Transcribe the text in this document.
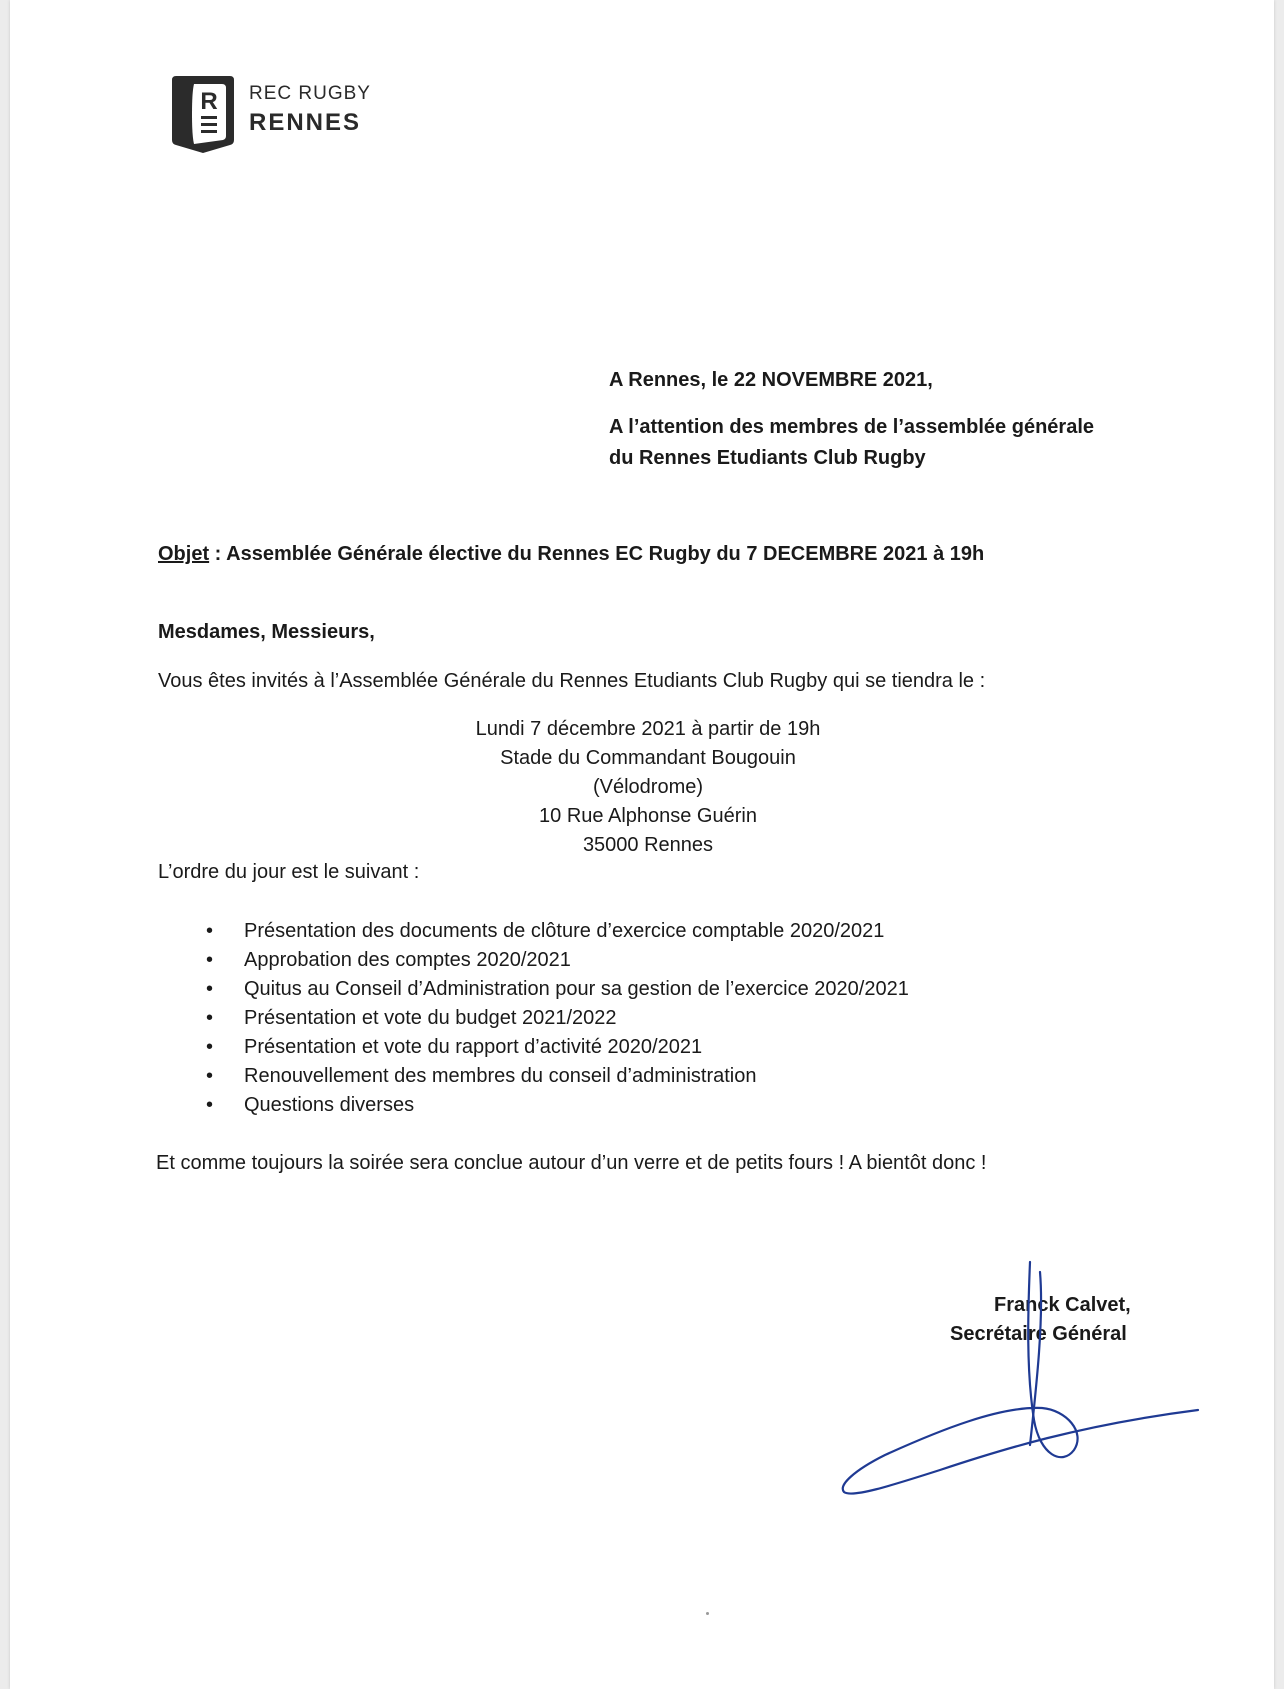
R REC RUGBY
RENNES
A Rennes, le 22 NOVEMBRE 2021,
A l’attention des membres de l’assemblée générale
du Rennes Etudiants Club Rugby
Objet : Assemblée Générale élective du Rennes EC Rugby du 7 DECEMBRE 2021 à 19h
Mesdames, Messieurs,
Vous êtes invités à l’Assemblée Générale du Rennes Etudiants Club Rugby qui se tiendra le :
Lundi 7 décembre 2021 à partir de 19h
Stade du Commandant Bougouin
(Vélodrome)
10 Rue Alphonse Guérin
35000 Rennes
L’ordre du jour est le suivant :
• Présentation des documents de clôture d’exercice comptable 2020/2021
• Approbation des comptes 2020/2021
• Quitus au Conseil d’Administration pour sa gestion de l’exercice 2020/2021
• Présentation et vote du budget 2021/2022
• Présentation et vote du rapport d’activité 2020/2021
• Renouvellement des membres du conseil d’administration
• Questions diverses
Et comme toujours la soirée sera conclue autour d’un verre et de petits fours ! A bientôt donc !
Franck Calvet,
Secrétaire Général
